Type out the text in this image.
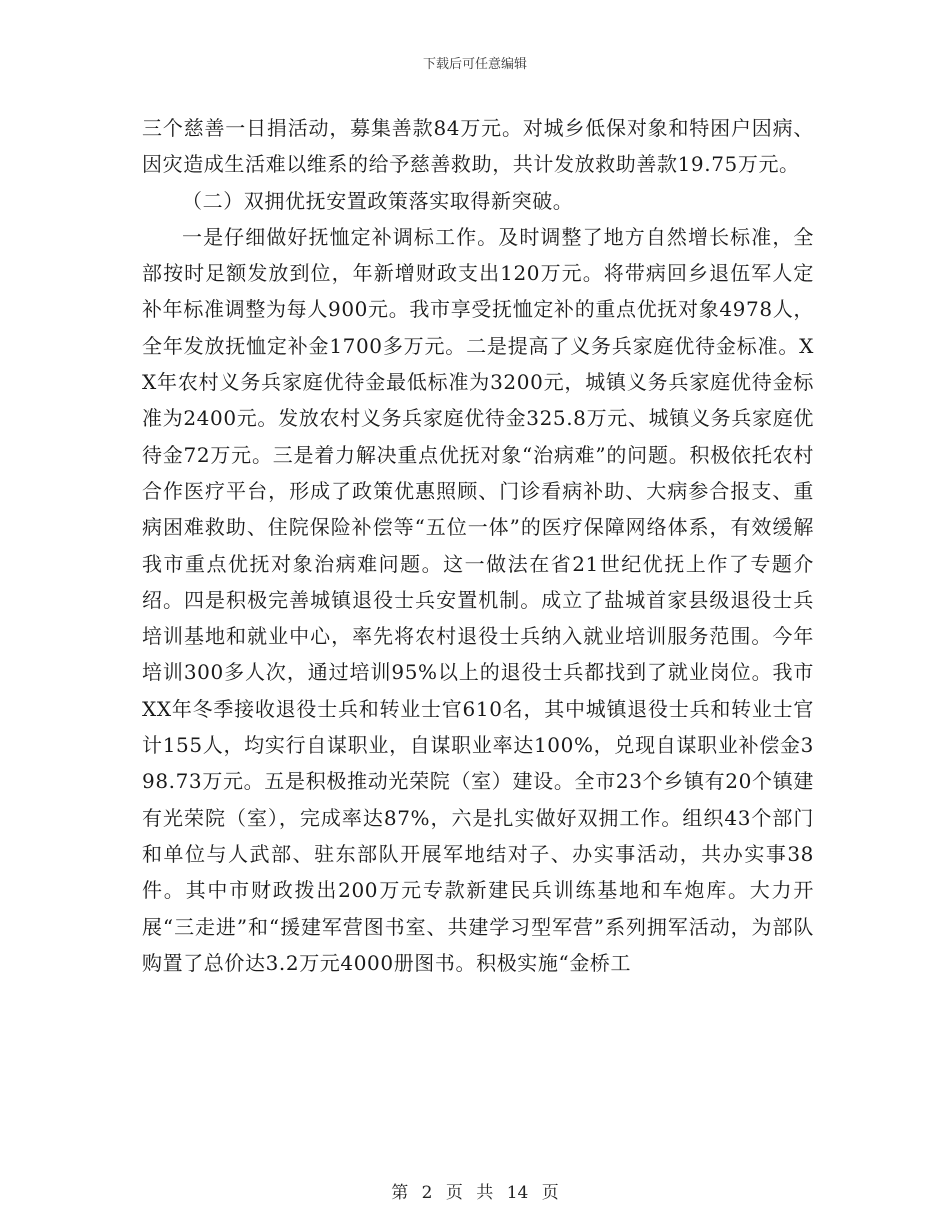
下载后可任意编辑

三个慈善一日捐活动，募集善款84万元。对城乡低保对象和特困户因病、因灾造成生活难以维系的给予慈善救助，共计发放救助善款19.75万元。

（二）双拥优抚安置政策落实取得新突破。

一是仔细做好抚恤定补调标工作。及时调整了地方自然增长标准，全部按时足额发放到位，年新增财政支出120万元。将带病回乡退伍军人定补年标准调整为每人900元。我市享受抚恤定补的重点优抚对象4978人，全年发放抚恤定补金1700多万元。二是提高了义务兵家庭优待金标准。XX年农村义务兵家庭优待金最低标准为3200元，城镇义务兵家庭优待金标准为2400元。发放农村义务兵家庭优待金325.8万元、城镇义务兵家庭优待金72万元。三是着力解决重点优抚对象“治病难”的问题。积极依托农村合作医疗平台，形成了政策优惠照顾、门诊看病补助、大病参合报支、重病困难救助、住院保险补偿等“五位一体”的医疗保障网络体系，有效缓解我市重点优抚对象治病难问题。这一做法在省21世纪优抚上作了专题介绍。四是积极完善城镇退役士兵安置机制。成立了盐城首家县级退役士兵培训基地和就业中心，率先将农村退役士兵纳入就业培训服务范围。今年培训300多人次，通过培训95%以上的退役士兵都找到了就业岗位。我市XX年冬季接收退役士兵和转业士官610名，其中城镇退役士兵和转业士官计155人，均实行自谋职业，自谋职业率达100%，兑现自谋职业补偿金398.73万元。五是积极推动光荣院（室）建设。全市23个乡镇有20个镇建有光荣院（室），完成率达87%，六是扎实做好双拥工作。组织43个部门和单位与人武部、驻东部队开展军地结对子、办实事活动，共办实事38件。其中市财政拨出200万元专款新建民兵训练基地和车炮库。大力开展“三走进”和“援建军营图书室、共建学习型军营”系列拥军活动，为部队购置了总价达3.2万元4000册图书。积极实施“金桥工

第 2 页 共 14 页
